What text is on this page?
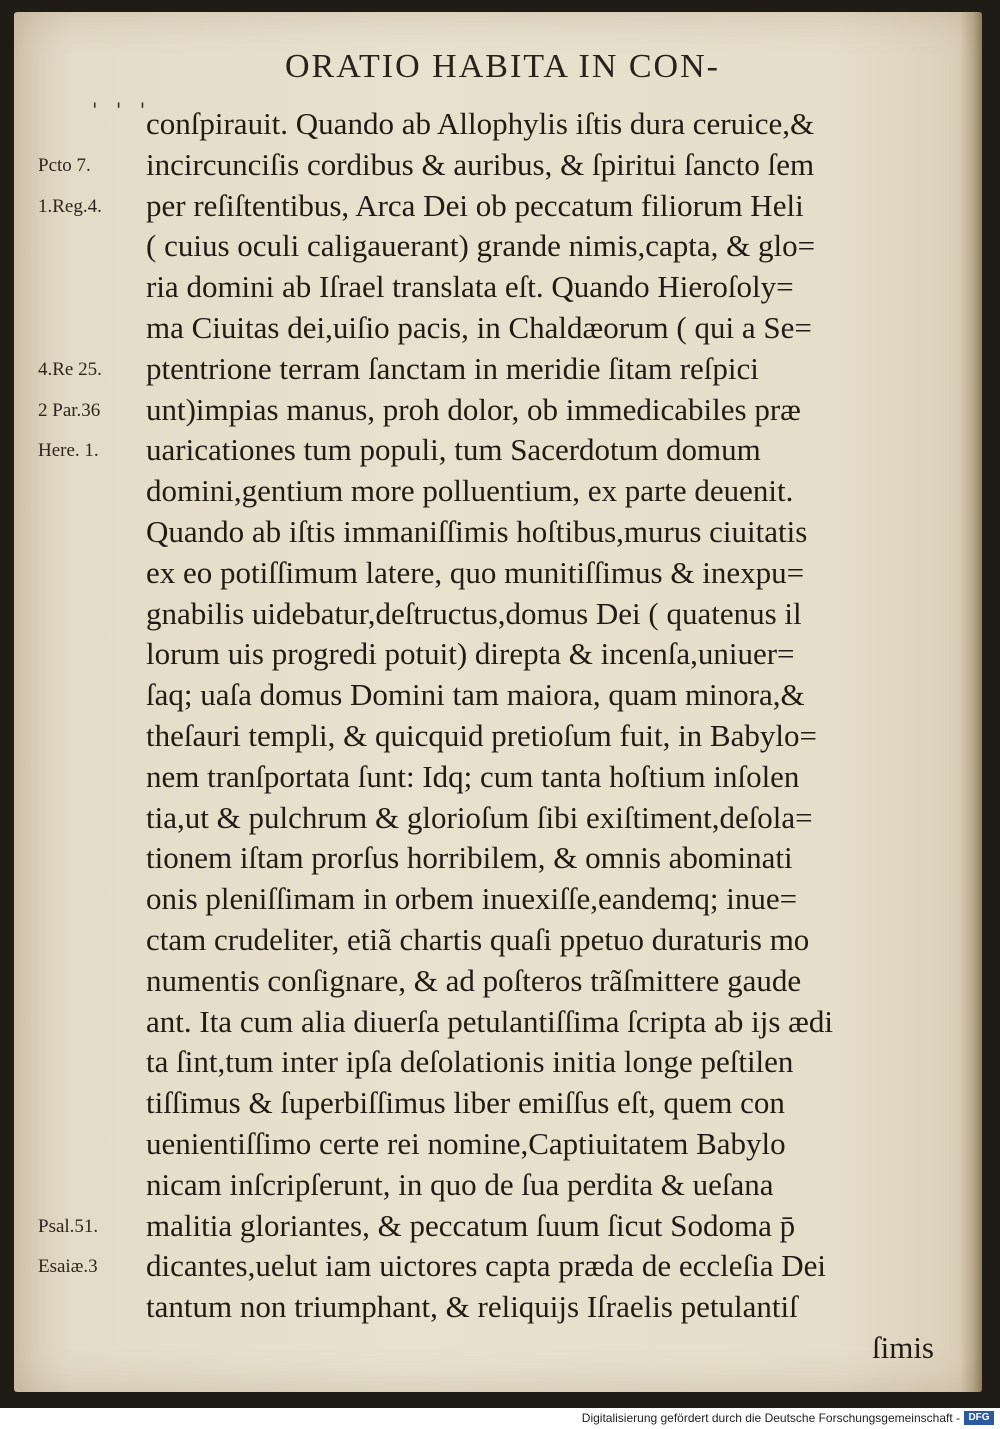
ORATIO HABITA IN CON-
' ' '
Pcto 7.
1.Reg.4.
4.Re 25.
2 Par.36
Here. 1.
Psal.51.
Esaiæ.3
conſpirauit. Quando ab Allophylis iſtis dura ceruice,&
incircunciſis cordibus & auribus, & ſpiritui ſancto ſem
per reſiſtentibus, Arca Dei ob peccatum filiorum Heli
( cuius oculi caligauerant) grande nimis,capta, & glo=
ria domini ab Iſrael translata eſt. Quando Hieroſoly=
ma Ciuitas dei,uiſio pacis, in Chaldæorum ( qui a Se=
ptentrione terram ſanctam in meridie ſitam reſpici
unt)impias manus, proh dolor, ob immedicabiles præ
uaricationes tum populi, tum Sacerdotum domum
domini,gentium more polluentium, ex parte deuenit.
Quando ab iſtis immaniſſimis hoſtibus,murus ciuitatis
ex eo potiſſimum latere, quo munitiſſimus & inexpu=
gnabilis uidebatur,deſtructus,domus Dei ( quatenus il
lorum uis progredi potuit) direpta & incenſa,uniuer=
ſaq; uaſa domus Domini tam maiora, quam minora,&
theſauri templi, & quicquid pretioſum fuit, in Babylo=
nem tranſportata ſunt: Idq; cum tanta hoſtium inſolen
tia,ut & pulchrum & glorioſum ſibi exiſtiment,deſola=
tionem iſtam prorſus horribilem, & omnis abominati
onis pleniſſimam in orbem inuexiſſe,eandemq; inue=
ctam crudeliter, etiã chartis quaſi ppetuo duraturis mo
numentis conſignare, & ad poſteros trãſmittere gaude
ant. Ita cum alia diuerſa petulantiſſima ſcripta ab ijs ædi
ta ſint,tum inter ipſa deſolationis initia longe peſtilen
tiſſimus & ſuperbiſſimus liber emiſſus eſt, quem con
uenientiſſimo certe rei nomine,Captiuitatem Babylo
nicam inſcripſerunt, in quo de ſua perdita & ueſana
malitia gloriantes, & peccatum ſuum ſicut Sodoma p̄
dicantes,uelut iam uictores capta præda de eccleſia Dei
tantum non triumphant, & reliquijs Iſraelis petulantiſ
ſimis
Digitalisierung gefördert durch die Deutsche Forschungsgemeinschaft - DFG
